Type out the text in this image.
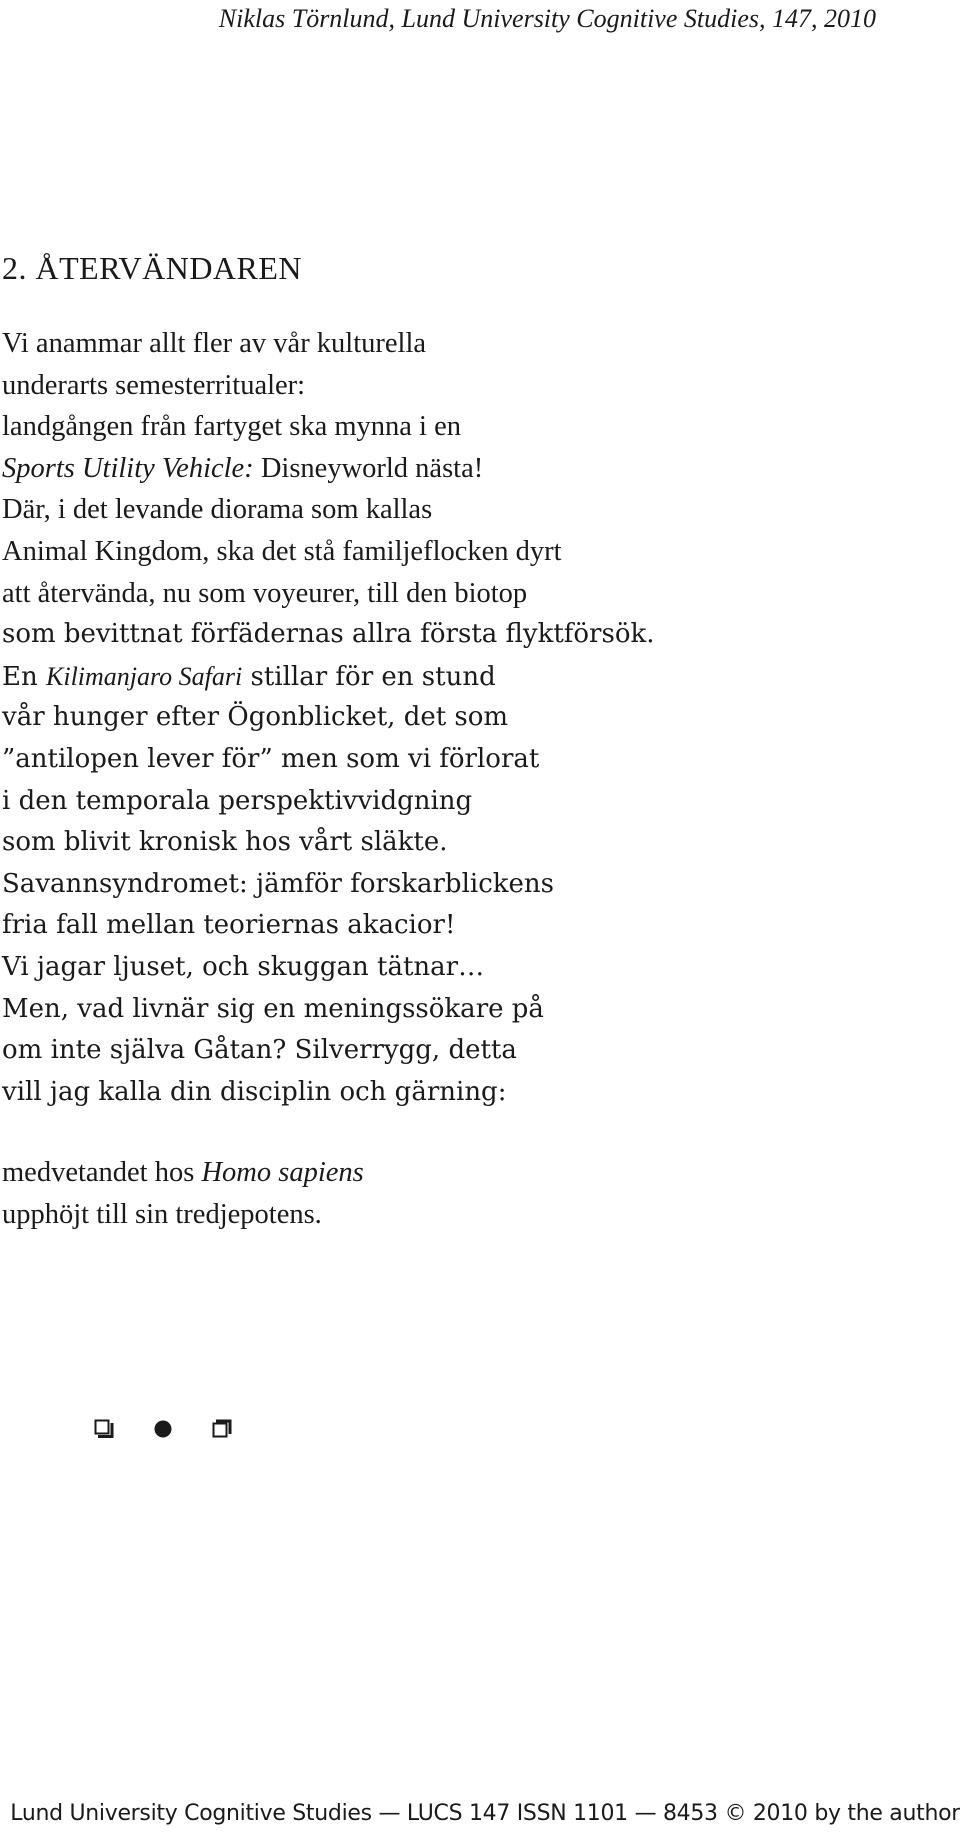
Niklas Törnlund, Lund University Cognitive Studies, 147, 2010
2. ÅTERVÄNDAREN
Vi anammar allt fler av vår kulturella
underarts semesterritualer:
landgången från fartyget ska mynna i en
Sports Utility Vehicle: Disneyworld nästa!
Där, i det levande diorama som kallas
Animal Kingdom, ska det stå familjeflocken dyrt
att återvända, nu som voyeurer, till den biotop
som bevittnat förfädernas allra första flyktförsök.
En Kilimanjaro Safari stillar för en stund
vår hunger efter Ögonblicket, det som
”antilopen lever för” men som vi förlorat
i den temporala perspektivvidgning
som blivit kronisk hos vårt släkte.
Savannsyndromet: jämför forskarblickens
fria fall mellan teoriernas akacior!
Vi jagar ljuset, och skuggan tätnar…
Men, vad livnär sig en meningssökare på
om inte själva Gåtan? Silverrygg, detta
vill jag kalla din disciplin och gärning:
medvetandet hos Homo sapiens
upphöjt till sin tredjepotens.
Lund University Cognitive Studies — LUCS 147 ISSN 1101 — 8453 © 2010 by the author
